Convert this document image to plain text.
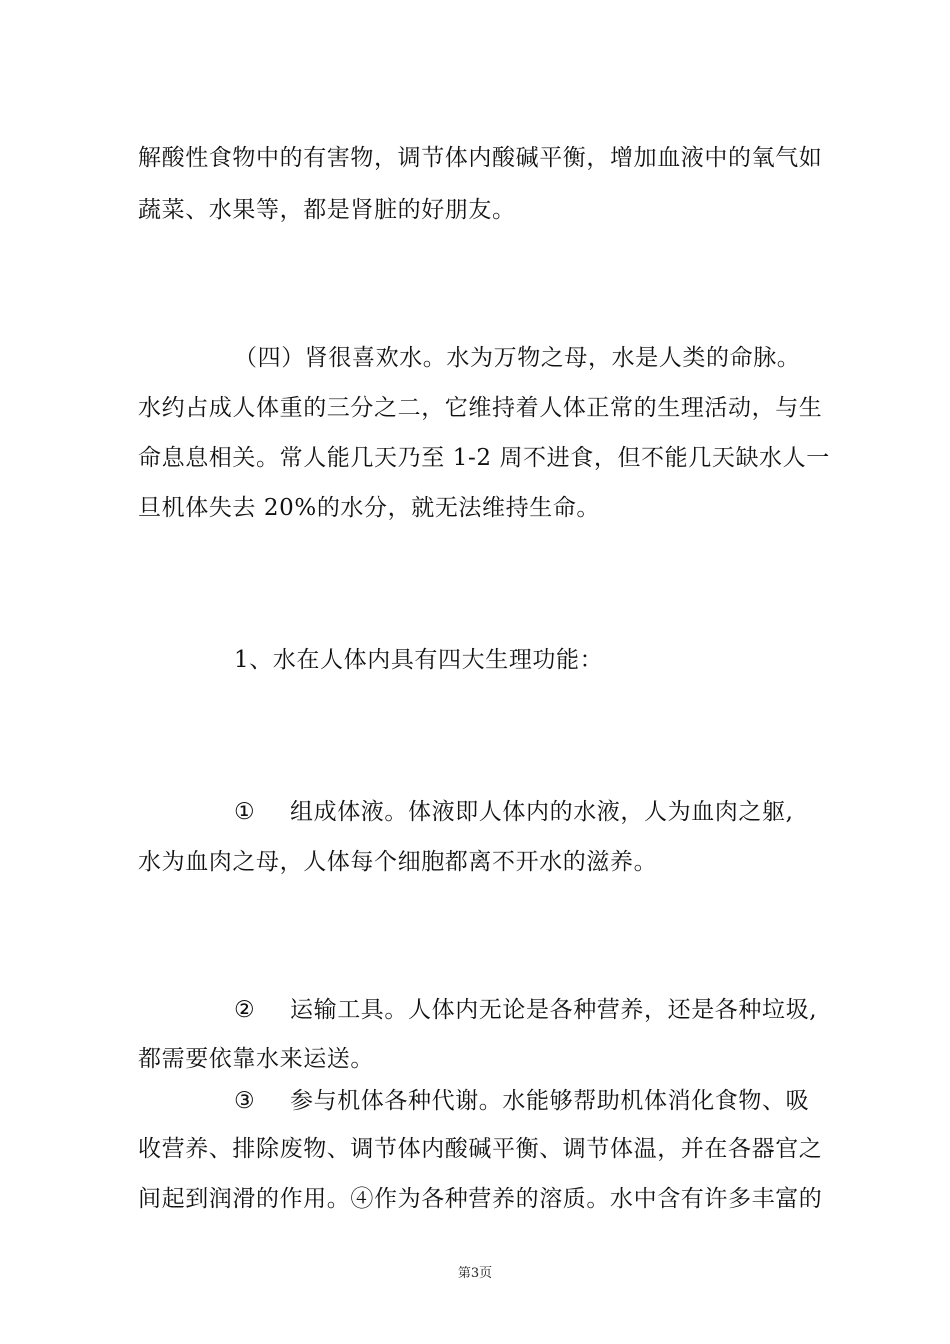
解酸性食物中的有害物，调节体内酸碱平衡，增加血液中的氧气如
蔬菜、水果等，都是肾脏的好朋友。
（四）肾很喜欢水。水为万物之母，水是人类的命脉。
水约占成人体重的三分之二，它维持着人体正常的生理活动，与生
命息息相关。常人能几天乃至 1-2 周不进食，但不能几天缺水人一
旦机体失去 20%的水分，就无法维持生命。
1、水在人体内具有四大生理功能：
① 组成体液。体液即人体内的水液，人为血肉之躯,
水为血肉之母，人体每个细胞都离不开水的滋养。
② 运输工具。人体内无论是各种营养，还是各种垃圾,
都需要依靠水来运送。
③ 参与机体各种代谢。水能够帮助机体消化食物、吸
收营养、排除废物、调节体内酸碱平衡、调节体温，并在各器官之
间起到润滑的作用。④作为各种营养的溶质。水中含有许多丰富的
第3页
